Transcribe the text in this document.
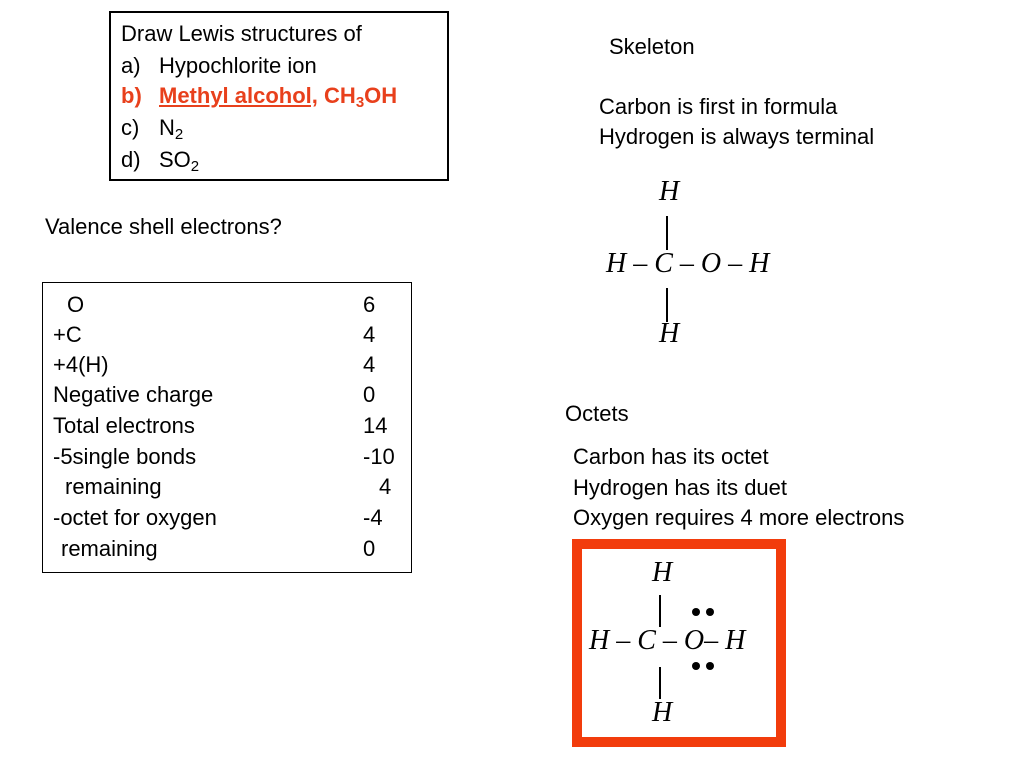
Draw Lewis structures of
a) Hypochlorite ion
b) Methyl alcohol, $CH_3OH$
c) $N_2$
d) $SO_2$
Valence shell electrons?
O	6
+C	4
+4(H)	4
Negative charge	0
Total electrons	14
-5single bonds	-10
remaining	4
-octet for oxygen	-4
remaining	0
Skeleton
Carbon is first in formula
Hydrogen is always terminal
H
H – C – O – H
H
Octets
Carbon has its octet
Hydrogen has its duet
Oxygen requires 4 more electrons
H
H – C – O– H
H
